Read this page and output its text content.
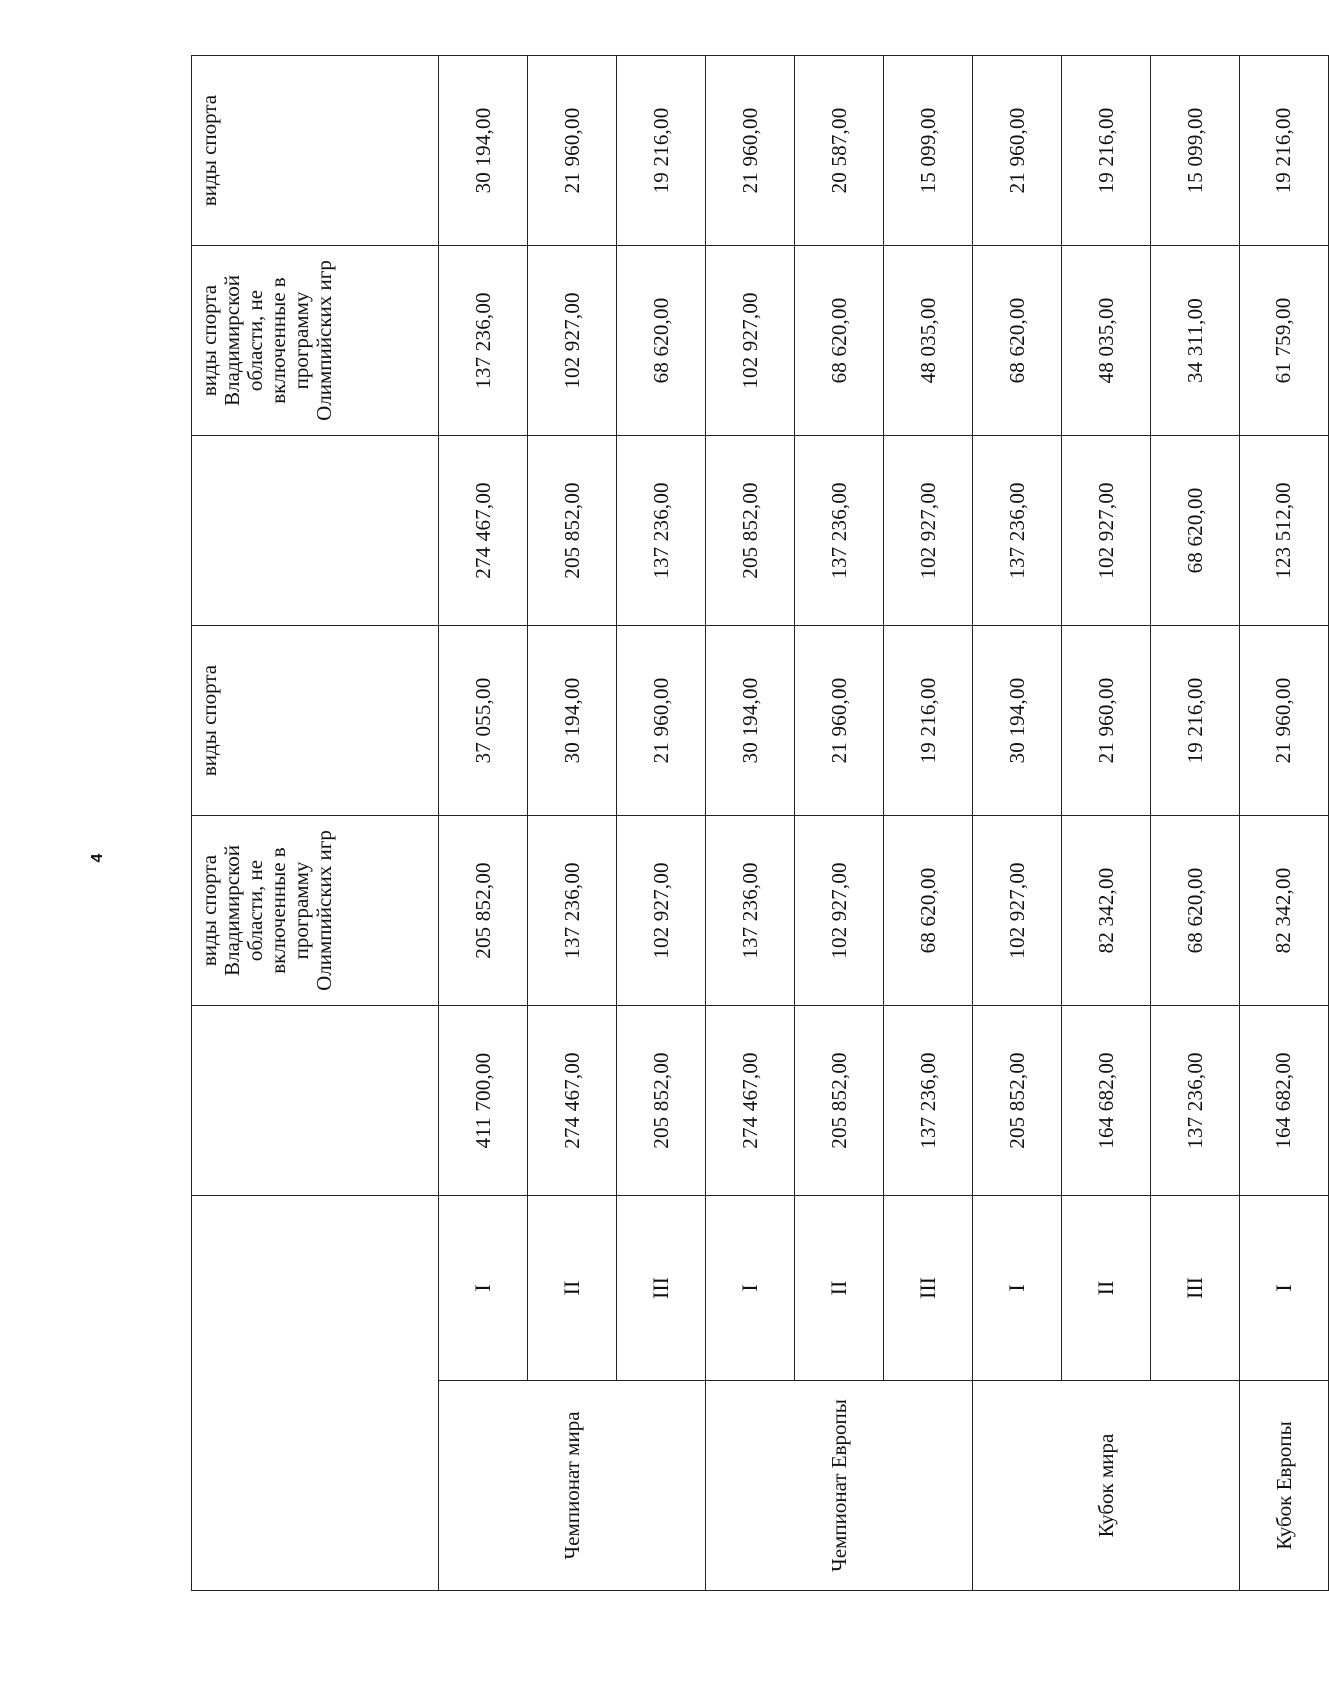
4
			виды спорта Владимирской области, не включенные в программу Олимпийских игр	виды спорта		виды спорта Владимирской области, не включенные в программу Олимпийских игр	виды спорта
Чемпионат мира	I	411 700,00	205 852,00	37 055,00	274 467,00	137 236,00	30 194,00
	II	274 467,00	137 236,00	30 194,00	205 852,00	102 927,00	21 960,00
	III	205 852,00	102 927,00	21 960,00	137 236,00	68 620,00	19 216,00
Чемпионат Европы	I	274 467,00	137 236,00	30 194,00	205 852,00	102 927,00	21 960,00
	II	205 852,00	102 927,00	21 960,00	137 236,00	68 620,00	20 587,00
	III	137 236,00	68 620,00	19 216,00	102 927,00	48 035,00	15 099,00
Кубок мира	I	205 852,00	102 927,00	30 194,00	137 236,00	68 620,00	21 960,00
	II	164 682,00	82 342,00	21 960,00	102 927,00	48 035,00	19 216,00
	III	137 236,00	68 620,00	19 216,00	68 620,00	34 311,00	15 099,00
Кубок Европы	I	164 682,00	82 342,00	21 960,00	123 512,00	61 759,00	19 216,00
